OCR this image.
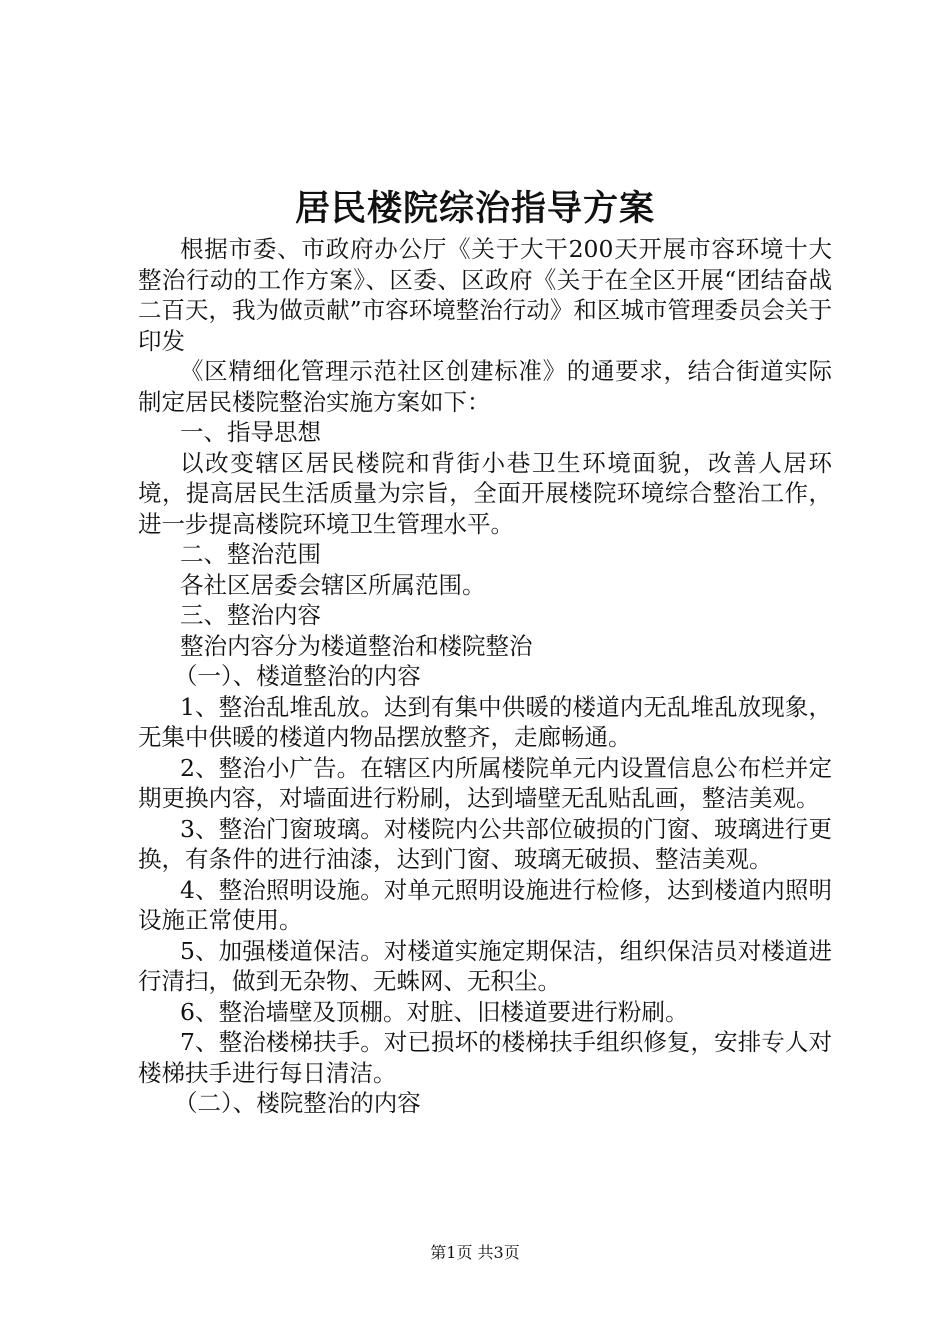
居民楼院综治指导方案

根据市委、市政府办公厅《关于大干200天开展市容环境十大整治行动的工作方案》、区委、区政府《关于在全区开展“团结奋战二百天，我为做贡献”市容环境整治行动》和区城市管理委员会关于印发

《区精细化管理示范社区创建标准》的通要求，结合街道实际制定居民楼院整治实施方案如下：

一、指导思想

以改变辖区居民楼院和背街小巷卫生环境面貌，改善人居环境，提高居民生活质量为宗旨，全面开展楼院环境综合整治工作，进一步提高楼院环境卫生管理水平。

二、整治范围

各社区居委会辖区所属范围。

三、整治内容

整治内容分为楼道整治和楼院整治

（一）、楼道整治的内容

1、整治乱堆乱放。达到有集中供暖的楼道内无乱堆乱放现象，无集中供暖的楼道内物品摆放整齐，走廊畅通。

2、整治小广告。在辖区内所属楼院单元内设置信息公布栏并定期更换内容，对墙面进行粉刷，达到墙壁无乱贴乱画，整洁美观。

3、整治门窗玻璃。对楼院内公共部位破损的门窗、玻璃进行更换，有条件的进行油漆，达到门窗、玻璃无破损、整洁美观。

4、整治照明设施。对单元照明设施进行检修，达到楼道内照明设施正常使用。

5、加强楼道保洁。对楼道实施定期保洁，组织保洁员对楼道进行清扫，做到无杂物、无蛛网、无积尘。

6、整治墙壁及顶棚。对脏、旧楼道要进行粉刷。

7、整治楼梯扶手。对已损坏的楼梯扶手组织修复，安排专人对楼梯扶手进行每日清洁。

（二）、楼院整治的内容

第1页 共3页
